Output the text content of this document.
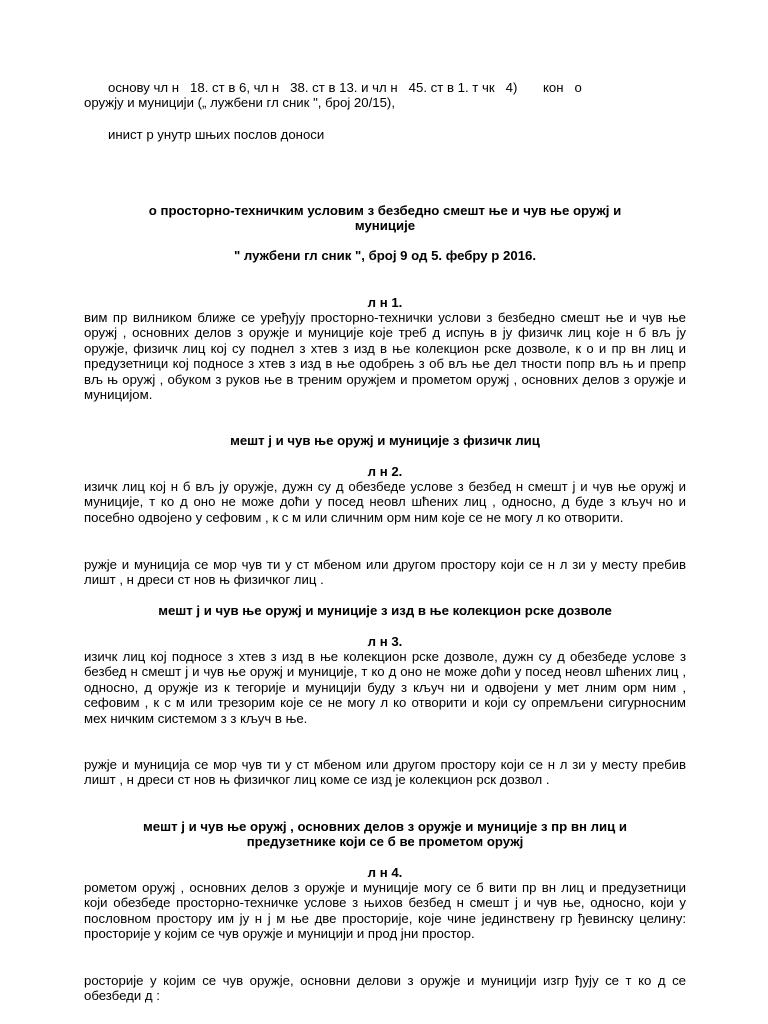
основу чл н   18. ст в 6, чл н   38. ст в 13. и чл н   45. ст в 1. т чк   4)       кон   о
оружју и муницији („ лужбени гл сник ", број 20/15),

инист р унутр шњих послов доноси

о просторно-техничким условим з безбедно смешт ње и чув ње оружј и
муниције

" лужбени гл сник ", број 9 од 5. фебру р 2016.

л н 1.

вим пр вилником ближе се уређују просторно-технички услови з безбедно смешт ње и чув ње оружј , основних делов з оружје и муниције које треб д испуњ в ју физичк лиц које н б вљ ју оружје, физичк лиц кој су поднел з хтев з изд в ње колекцион рске дозволе, к о и пр вн лиц и предузетници кој подносе з хтев з изд в ње одобрењ з об вљ ње дел тности попр вљ њ и препр вљ њ оружј , обуком з руков ње в треним оружјем и прометом оружј , основних делов з оружје и муницијом.

мешт ј и чув ње оружј и муниције з физичк лиц

л н 2.

изичк лиц кој н б вљ ју оружје, дужн су д обезбеде услове з безбед н смешт ј и чув ње оружј и муниције, т ко д оно не може доћи у посед неовл шћених лиц , односно, д буде з кључ но и посебно одвојено у сефовим , к с м или сличним орм ним које се не могу л ко отворити.

ружје и муниција се мор чув ти у ст мбеном или другом простору који се н л зи у месту пребив лишт , н дреси ст нов њ физичког лиц .

мешт ј и чув ње оружј и муниције з изд в ње колекцион рске дозволе

л н 3.

изичк лиц кој подносе з хтев з изд в ње колекцион рске дозволе, дужн су д обезбеде услове з безбед н смешт ј и чув ње оружј и муниције, т ко д оно не може доћи у посед неовл шћених лиц , односно, д оружје из к тегорије и муницији буду з кључ ни и одвојени у мет лним орм ним , сефовим , к с м или трезорим које се не могу л ко отворити и који су опремљени сигурносним мех ничким системом з з кључ в ње.

ружје и муниција се мор чув ти у ст мбеном или другом простору који се н л зи у месту пребив лишт , н дреси ст нов њ физичког лиц коме се изд је колекцион рск дозвол .

мешт ј и чув ње оружј , основних делов з оружје и муниције з пр вн лиц и
предузетнике који се б ве прометом оружј

л н 4.

рометом оружј , основних делов з оружје и муниције могу се б вити пр вн лиц и предузетници који обезбеде просторно-техничке услове з њихов безбед н смешт ј и чув ње, односно, који у пословном простору им ју н ј м ње две просторије, које чине јединствену гр ђевинску целину: просторије у којим се чув оружје и муницији и прод јни простор.

росторије у којим се чув оружје, основни делови з оружје и муницији изгр ђују се т ко д се обезбеди д :
